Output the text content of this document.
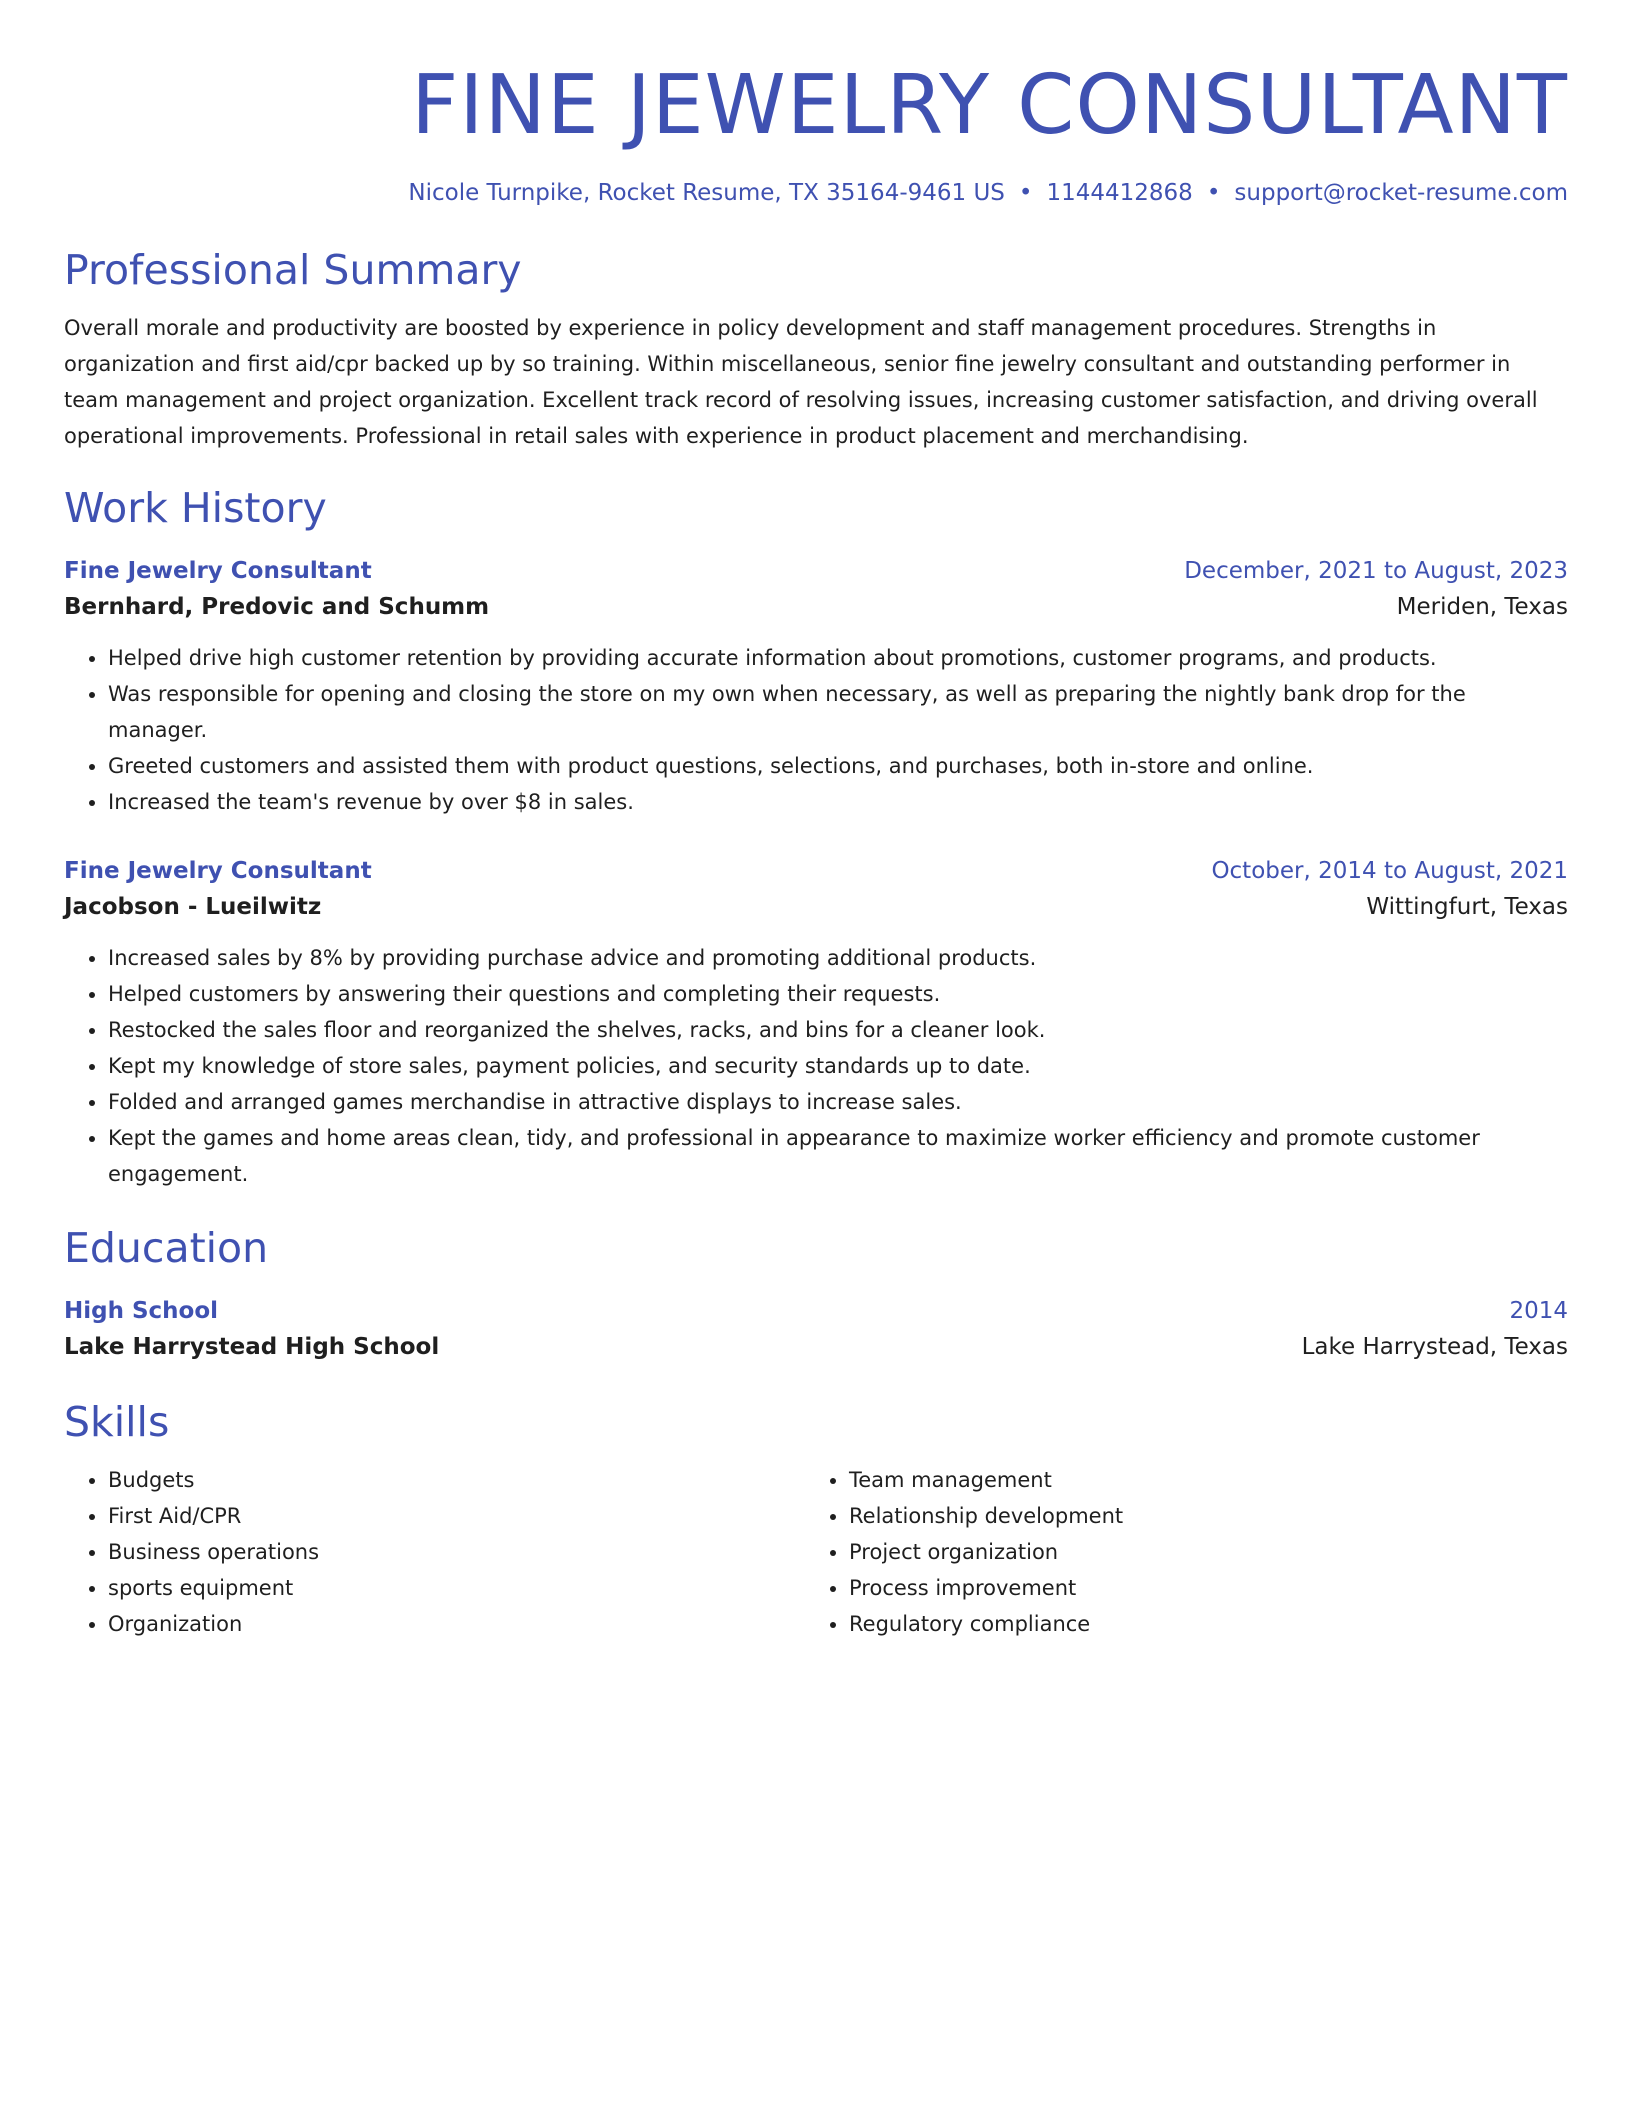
FINE JEWELRY CONSULTANT
Nicole Turnpike, Rocket Resume, TX 35164-9461 US • 1144412868 • support@rocket-resume.com
Professional Summary
Overall morale and productivity are boosted by experience in policy development and staff management procedures. Strengths in organization and first aid/cpr backed up by so training. Within miscellaneous, senior fine jewelry consultant and outstanding performer in team management and project organization. Excellent track record of resolving issues, increasing customer satisfaction, and driving overall operational improvements. Professional in retail sales with experience in product placement and merchandising.
Work History
Fine Jewelry Consultant	December, 2021 to August, 2023
Bernhard, Predovic and Schumm	Meriden, Texas
• Helped drive high customer retention by providing accurate information about promotions, customer programs, and products.
• Was responsible for opening and closing the store on my own when necessary, as well as preparing the nightly bank drop for the manager.
• Greeted customers and assisted them with product questions, selections, and purchases, both in-store and online.
• Increased the team's revenue by over $8 in sales.
Fine Jewelry Consultant	October, 2014 to August, 2021
Jacobson - Lueilwitz	Wittingfurt, Texas
• Increased sales by 8% by providing purchase advice and promoting additional products.
• Helped customers by answering their questions and completing their requests.
• Restocked the sales floor and reorganized the shelves, racks, and bins for a cleaner look.
• Kept my knowledge of store sales, payment policies, and security standards up to date.
• Folded and arranged games merchandise in attractive displays to increase sales.
• Kept the games and home areas clean, tidy, and professional in appearance to maximize worker efficiency and promote customer engagement.
Education
High School	2014
Lake Harrystead High School	Lake Harrystead, Texas
Skills
• Budgets
• First Aid/CPR
• Business operations
• sports equipment
• Organization
• Team management
• Relationship development
• Project organization
• Process improvement
• Regulatory compliance
